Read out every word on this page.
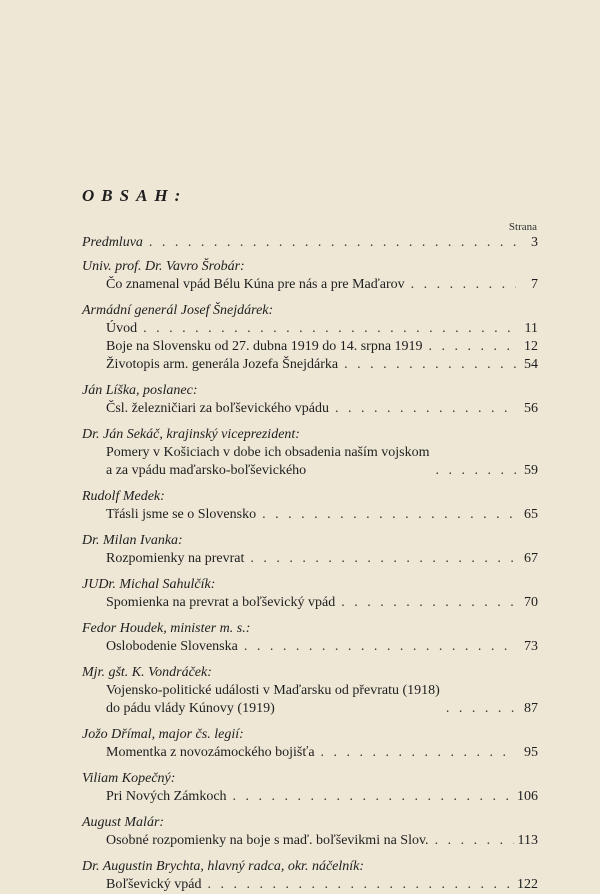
OBSAH:
Strana
Predmluva . . .	3
Univ. prof. Dr. Vavro Šrobár:
Čo znamenal vpád Bélu Kúna pre nás a pre Maďarov . . .	7
Armádní generál Josef Šnejdárek:
Úvod . . .	11
Boje na Slovensku od 27. dubna 1919 do 14. srpna 1919 . . .	12
Životopis arm. generála Jozefa Šnejdárka . . .	54
Ján Líška, poslanec:
Čsl. železničiari za boľševického vpádu . . .	56
Dr. Ján Sekáč, krajinský viceprezident:
Pomery v Košiciach v dobe ich obsadenia naším vojskom
a za vpádu maďarsko-boľševického . . .	59
Rudolf Medek:
Třásli jsme se o Slovensko . . .	65
Dr. Milan Ivanka:
Rozpomienky na prevrat . . .	67
JUDr. Michal Sahulčík:
Spomienka na prevrat a boľševický vpád . . .	70
Fedor Houdek, minister m. s.:
Oslobodenie Slovenska . . .	73
Mjr. gšt. K. Vondráček:
Vojensko-politické události v Maďarsku od převratu (1918)
do pádu vlády Kúnovy (1919) . . .	87
Jožo Dřímal, major čs. legií:
Momentka z novozámockého bojišťa . . .	95
Viliam Kopečný:
Pri Nových Zámkoch . . .	106
August Malár:
Osobné rozpomienky na boje s maď. boľševikmi na Slov. . . .	113
Dr. Augustin Brychta, hlavný radca, okr. náčelník:
Boľševický vpád . . .	122
